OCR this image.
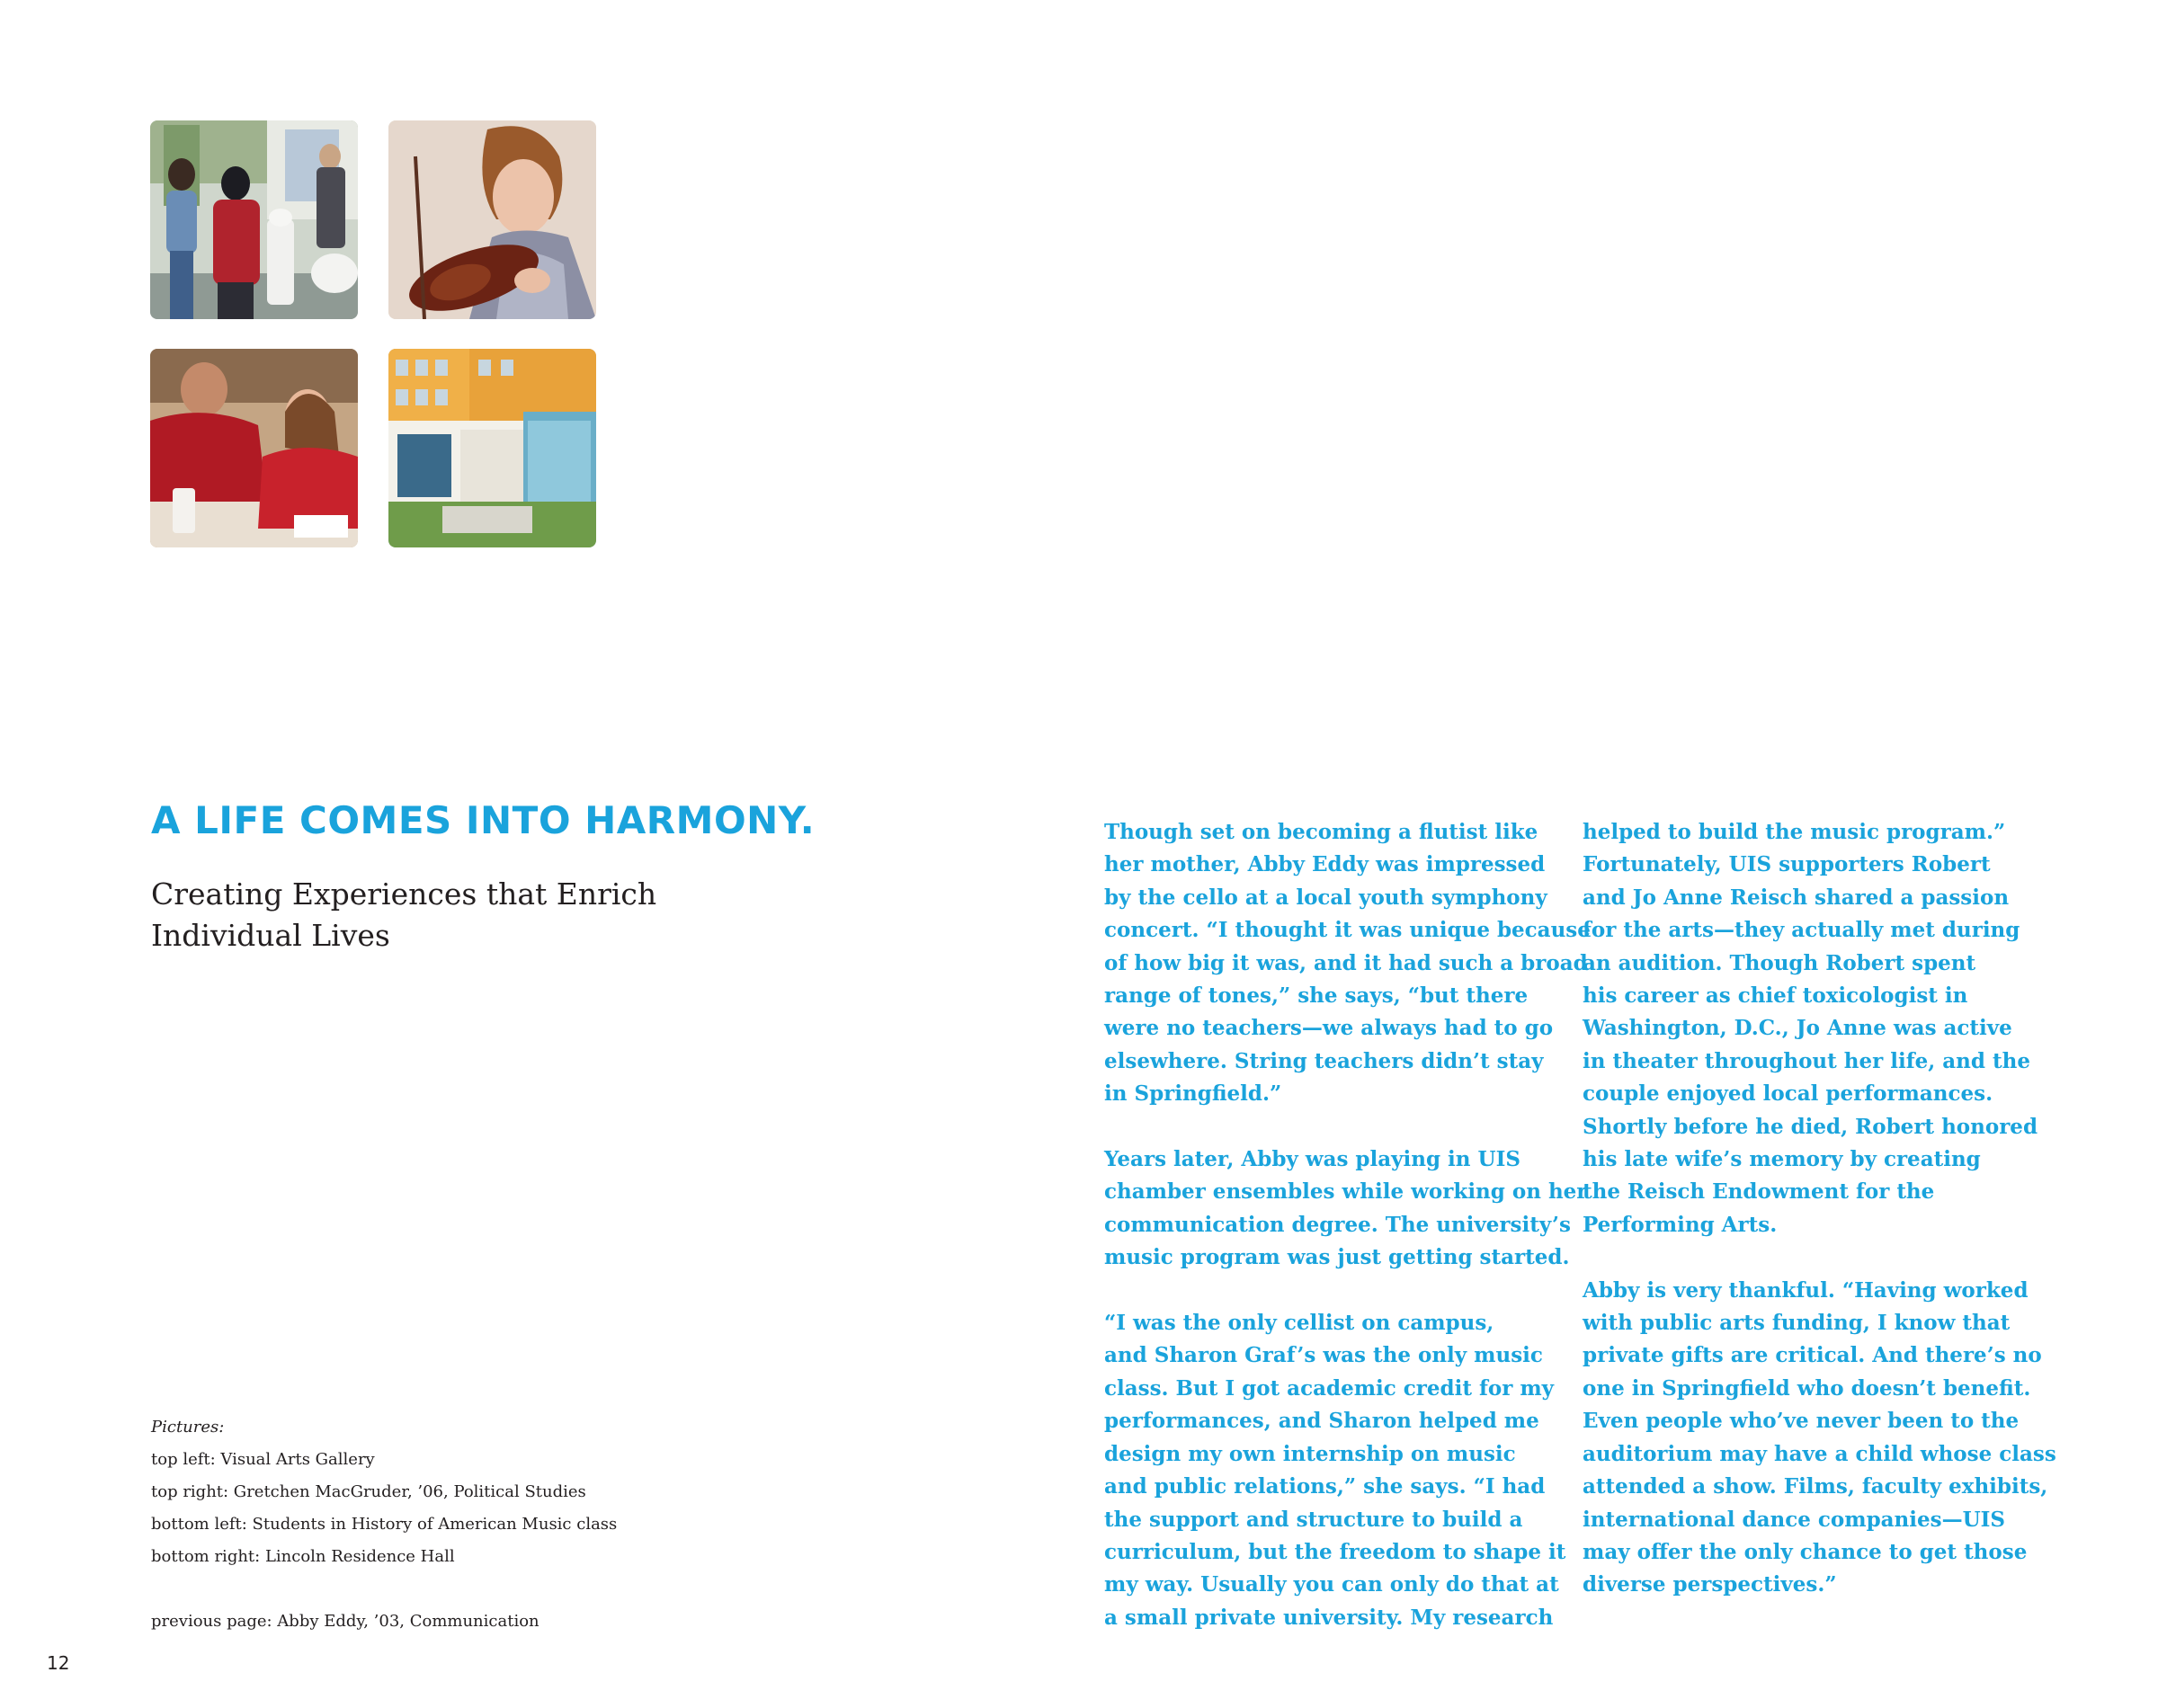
A LIFE COMES INTO HARMONY.
Creating Experiences that Enrich
Individual Lives
Pictures:
top left: Visual Arts Gallery
top right: Gretchen MacGruder, ’06, Political Studies
bottom left: Students in History of American Music class
bottom right: Lincoln Residence Hall
previous page: Abby Eddy, ’03, Communication

Though set on becoming a flutist like
her mother, Abby Eddy was impressed
by the cello at a local youth symphony
concert. “I thought it was unique because
of how big it was, and it had such a broad
range of tones,” she says, “but there
were no teachers—we always had to go
elsewhere. String teachers didn’t stay
in Springfield.”

Years later, Abby was playing in UIS
chamber ensembles while working on her
communication degree. The university’s
music program was just getting started.

“I was the only cellist on campus,
and Sharon Graf’s was the only music
class. But I got academic credit for my
performances, and Sharon helped me
design my own internship on music
and public relations,” she says. “I had
the support and structure to build a
curriculum, but the freedom to shape it
my way. Usually you can only do that at
a small private university. My research

helped to build the music program.”
Fortunately, UIS supporters Robert
and Jo Anne Reisch shared a passion
for the arts—they actually met during
an audition. Though Robert spent
his career as chief toxicologist in
Washington, D.C., Jo Anne was active
in theater throughout her life, and the
couple enjoyed local performances.
Shortly before he died, Robert honored
his late wife’s memory by creating
the Reisch Endowment for the
Performing Arts.

Abby is very thankful. “Having worked
with public arts funding, I know that
private gifts are critical. And there’s no
one in Springfield who doesn’t benefit.
Even people who’ve never been to the
auditorium may have a child whose class
attended a show. Films, faculty exhibits,
international dance companies—UIS
may offer the only chance to get those
diverse perspectives.”

12
